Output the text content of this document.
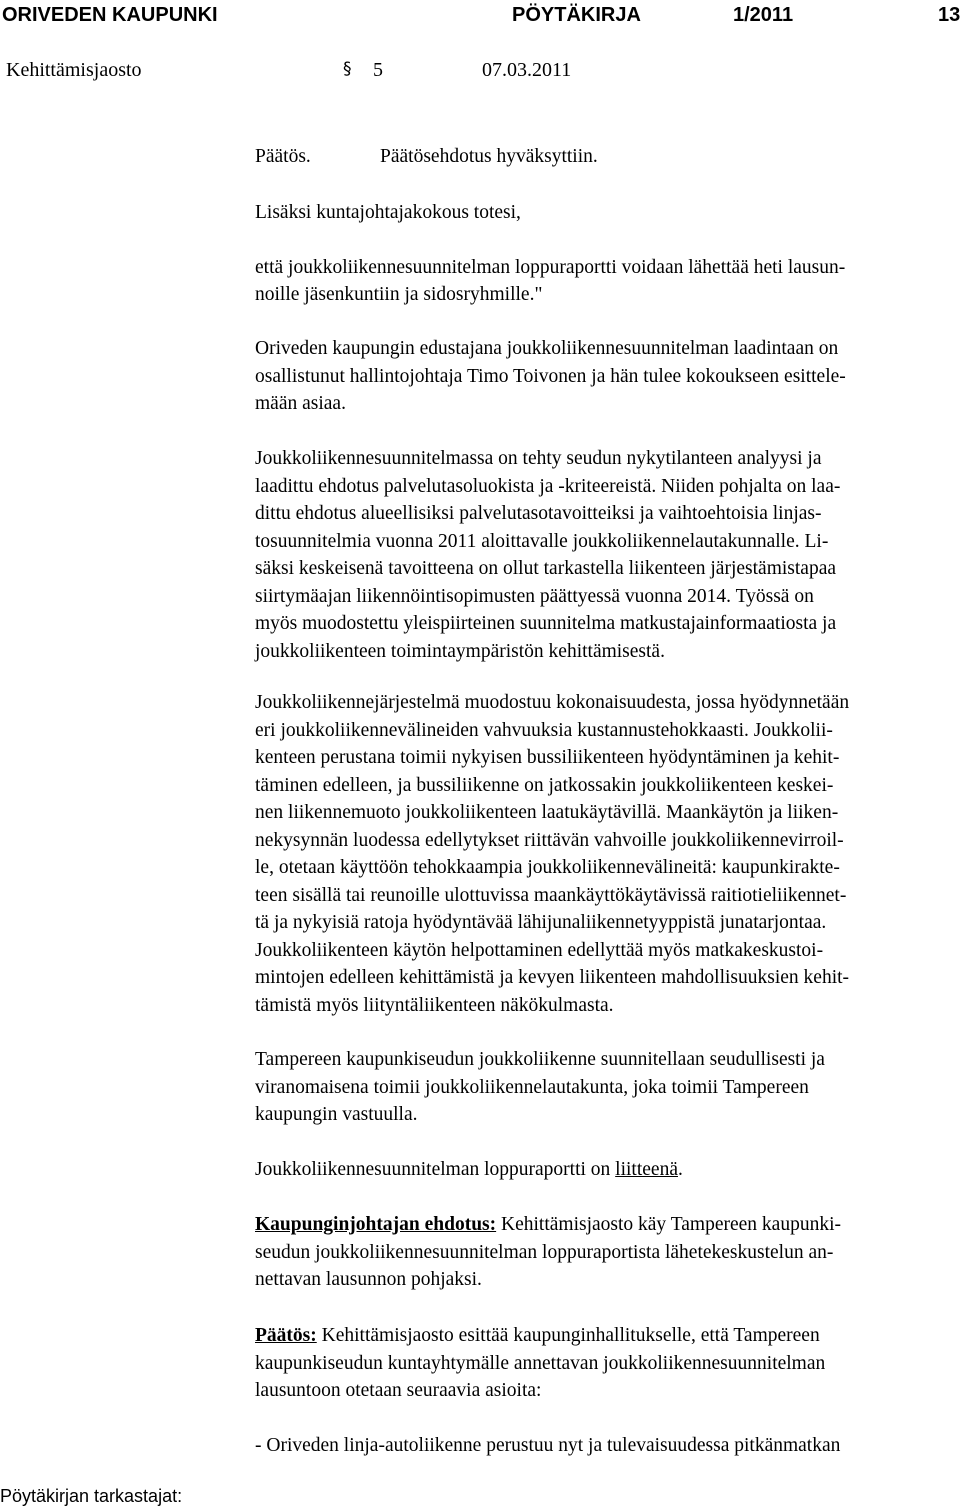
ORIVEDEN KAUPUNKI	PÖYTÄKIRJA	1/2011	13
Kehittämisjaosto	§ 5	07.03.2011
Päätös.	Päätösehdotus hyväksyttiin.

Lisäksi kuntajohtajakokous totesi,

että joukkoliikennesuunnitelman loppuraportti voidaan lähettää heti lausun-

noille jäsenkuntiin ja sidosryhmille."

Oriveden kaupungin edustajana joukkoliikennesuunnitelman laadintaan on

osallistunut hallintojohtaja Timo Toivonen ja hän tulee kokoukseen esittele-

mään asiaa.

Joukkoliikennesuunnitelmassa on tehty seudun nykytilanteen analyysi ja

laadittu ehdotus palvelutasoluokista ja -kriteereistä. Niiden pohjalta on laa-

dittu ehdotus alueellisiksi palvelutasotavoitteiksi ja vaihtoehtoisia linjas-

tosuunnitelmia vuonna 2011 aloittavalle joukkoliikennelautakunnalle. Li-

säksi keskeisenä tavoitteena on ollut tarkastella liikenteen järjestämistapaa

siirtymäajan liikennöintisopimusten päättyessä vuonna 2014. Työssä on

myös muodostettu yleispiirteinen suunnitelma matkustajainformaatiosta ja

joukkoliikenteen toimintaympäristön kehittämisestä.

Joukkoliikennejärjestelmä muodostuu kokonaisuudesta, jossa hyödynnetään

eri joukkoliikennevälineiden vahvuuksia kustannustehokkaasti. Joukkolii-

kenteen perustana toimii nykyisen bussiliikenteen hyödyntäminen ja kehit-

täminen edelleen, ja bussiliikenne on jatkossakin joukkoliikenteen keskei-

nen liikennemuoto joukkoliikenteen laatukäytävillä. Maankäytön ja liiken-

nekysynnän luodessa edellytykset riittävän vahvoille joukkoliikennevirroil-

le, otetaan käyttöön tehokkaampia joukkoliikennevälineitä: kaupunkirakte-

teen sisällä tai reunoille ulottuvissa maankäyttökäytävissä raitiotieliikennet-

tä ja nykyisiä ratoja hyödyntävää lähijunaliikennetyyppistä junatarjontaa.

Joukkoliikenteen käytön helpottaminen edellyttää myös matkakeskustoi-

mintojen edelleen kehittämistä ja kevyen liikenteen mahdollisuuksien kehit-

tämistä myös liityntäliikenteen näkökulmasta.

Tampereen kaupunkiseudun joukkoliikenne suunnitellaan seudullisesti ja

viranomaisena toimii joukkoliikennelautakunta, joka toimii Tampereen

kaupungin vastuulla.

Joukkoliikennesuunnitelman loppuraportti on liitteenä.

Kaupunginjohtajan ehdotus: Kehittämisjaosto käy Tampereen kaupunki-

seudun joukkoliikennesuunnitelman loppuraportista lähetekeskustelun an-

nettavan lausunnon pohjaksi.

Päätös: Kehittämisjaosto esittää kaupunginhallitukselle, että Tampereen

kaupunkiseudun kuntayhtymälle annettavan joukkoliikennesuunnitelman

lausuntoon otetaan seuraavia asioita:

- Oriveden linja-autoliikenne perustuu nyt ja tulevaisuudessa pitkänmatkan

Pöytäkirjan tarkastajat:
